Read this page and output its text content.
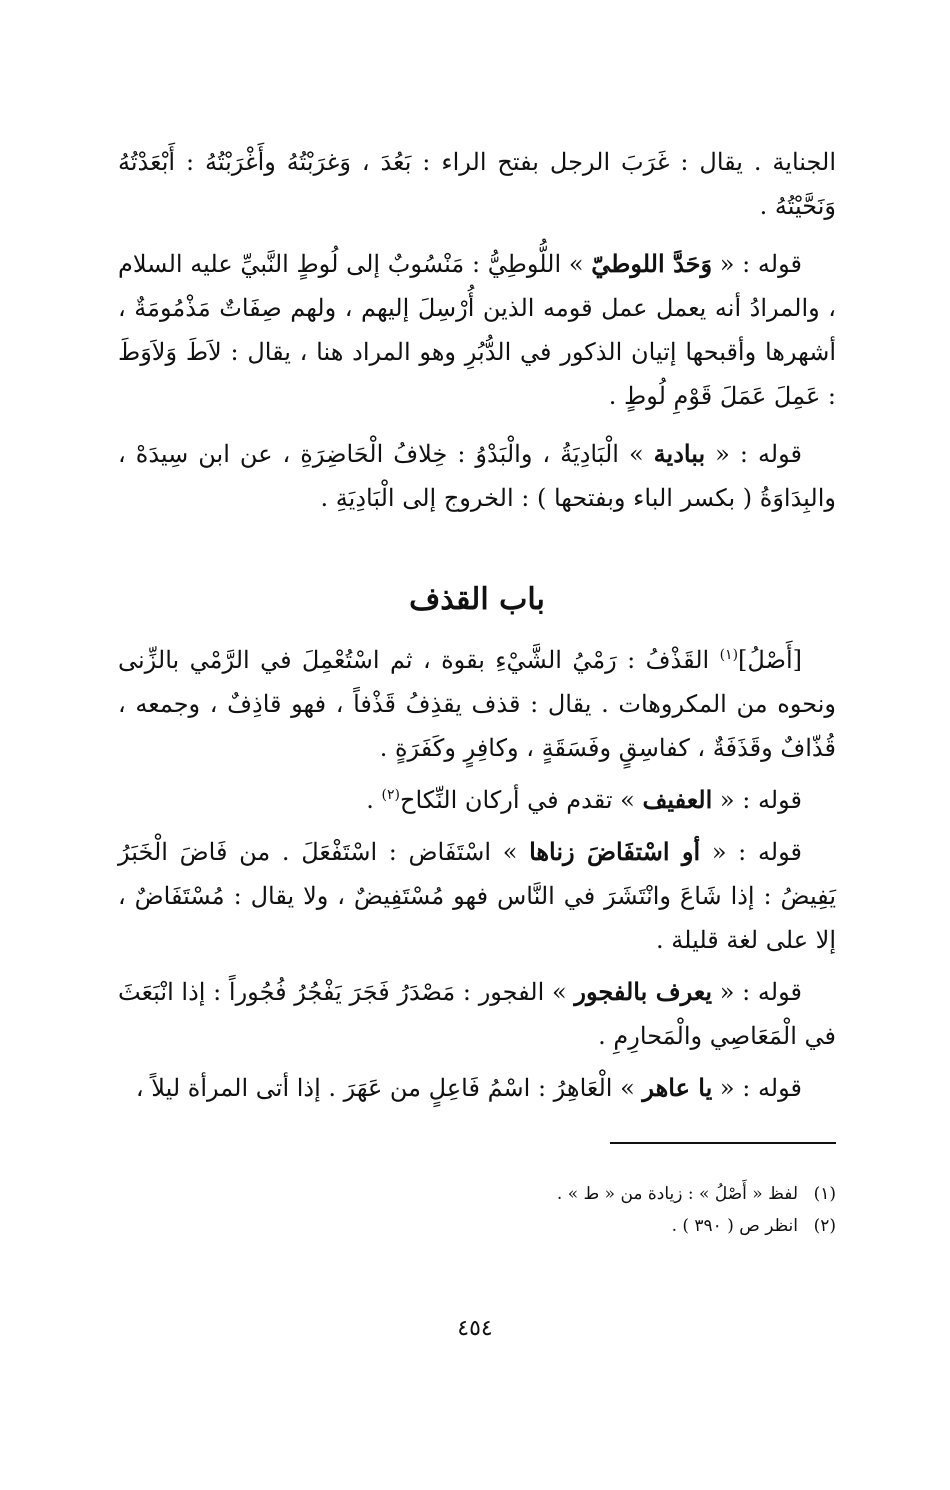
الجناية . يقال : غَرَبَ الرجل بفتح الراء : بَعُدَ ، وَغرَبْتُهُ وأَغْرَبْتُهُ : أَبْعَدْتُهُ وَنَحَّيْتُهُ .

قوله : « وَحَدَّ اللوطيّ » اللُّوطِيُّ : مَنْسُوبٌ إلى لُوطٍ النَّبيِّ عليه السلام ، والمرادُ أنه يعمل عمل قومه الذين أُرْسِلَ إليهم ، ولهم صِفَاتٌ مَذْمُومَةٌ ، أشهرها وأقبحها إتيان الذكور في الدُّبُرِ وهو المراد هنا ، يقال : لاَطَ وَلاَوَطَ : عَمِلَ عَمَلَ قَوْمِ لُوطٍ .

قوله : « ببادية » الْبَادِيَةُ ، والْبَدْوُ : خِلافُ الْحَاضِرَةِ ، عن ابن سِيدَهْ ، والبِدَاوَةُ ( بكسر الباء وبفتحها ) : الخروج إلى الْبَادِيَةِ .

باب القذف

[أَصْلُ]$^{(١)}$ القَذْفُ : رَمْيُ الشَّيْءِ بقوة ، ثم اسْتُعْمِلَ في الرَّمْي بالزِّنى ونحوه من المكروهات . يقال : قذف يقذِفُ قَذْفاً ، فهو قاذِفٌ ، وجمعه ، قُذّافٌ وقَذَفَةٌ ، كفاسِقٍ وفَسَقَةٍ ، وكافِرٍ وكَفَرَةٍ .

قوله : « العفيف » تقدم في أركان النِّكاح$^{(٢)}$ .

قوله : « أو اسْتفَاضَ زناها » اسْتَفَاض : اسْتَفْعَلَ . من فَاضَ الْخَبَرُ يَفِيضُ : إذا شَاعَ وانْتَشَرَ في النَّاس فهو مُسْتَفِيضٌ ، ولا يقال : مُسْتَفَاضٌ ، إلا على لغة قليلة .

قوله : « يعرف بالفجور » الفجور : مَصْدَرُ فَجَرَ يَفْجُرُ فُجُوراً : إذا انْبَعَثَ في الْمَعَاصِي والْمَحارِمِ .

قوله : « يا عاهر » الْعَاهِرُ : اسْمُ فَاعِلٍ من عَهَرَ . إذا أتى المرأة ليلاً ،

(١)لفظ « أَصْلُ » : زيادة من « ط » .

(٢)انظر ص ( ٣٩٠ ) .

٤٥٤
